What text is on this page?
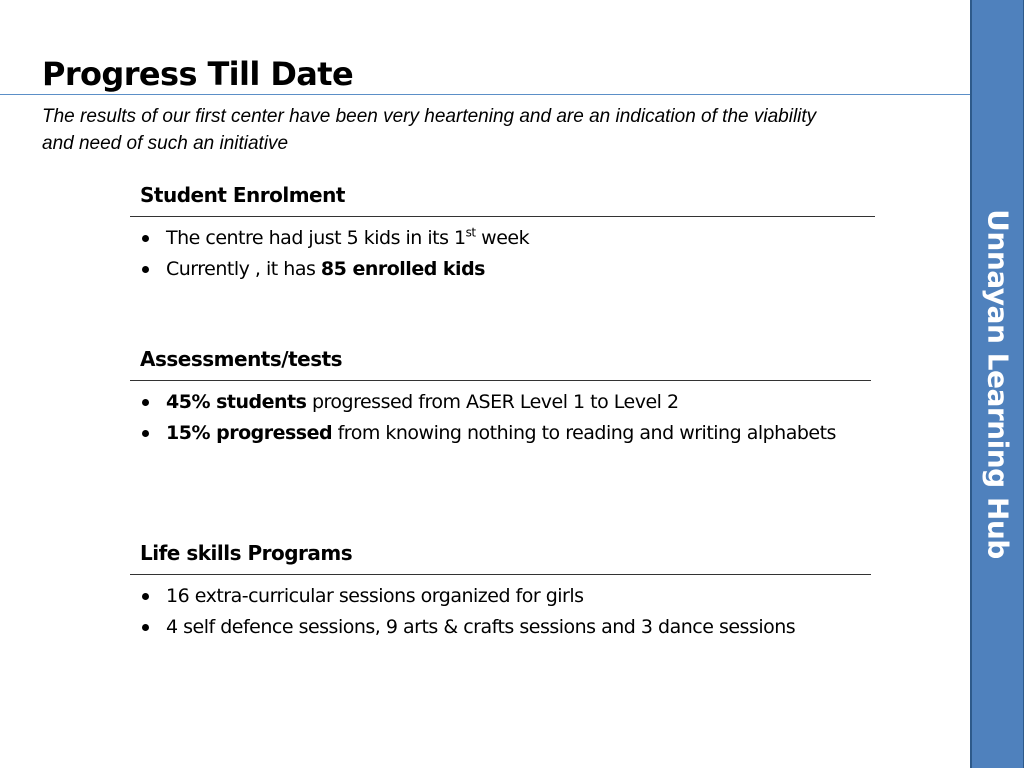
Progress Till Date

The results of our first center have been very heartening and are an indication of the viability
and need of such an initiative

Unnayan Learning Hub
Student Enrolment
The centre had just 5 kids in its 1st week
Currently , it has 85 enrolled kids
Assessments/tests
45% students progressed from ASER Level 1 to Level 2
15% progressed from knowing nothing to reading and writing alphabets
Life skills Programs
16 extra-curricular sessions organized for girls
4 self defence sessions, 9 arts & crafts sessions and 3 dance sessions
